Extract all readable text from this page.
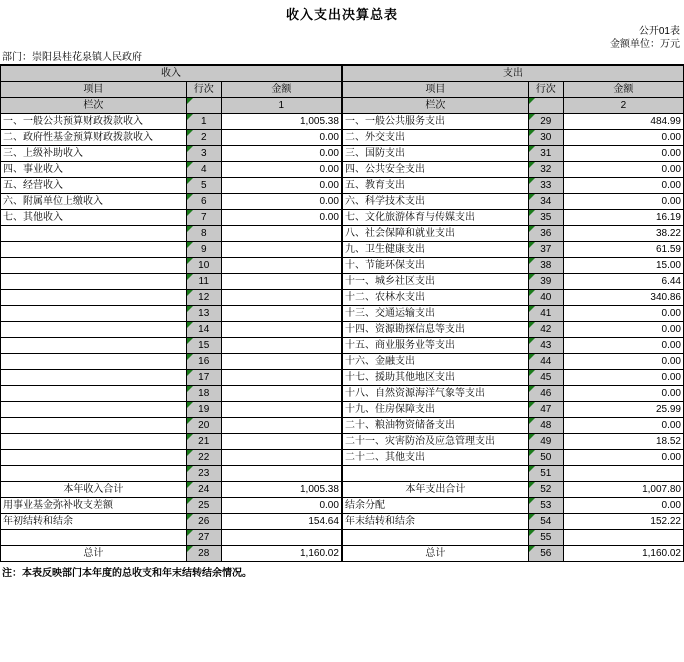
收入支出决算总表
公开01表
金额单位：万元
部门：崇阳县桂花泉镇人民政府
收入			支出		
项目	行次	金额		项目	行次	金额
栏次		1		栏次		2
一、一般公共预算财政拨款收入	1	1,005.38		一、一般公共服务支出	29	484.99
二、政府性基金预算财政拨款收入	2	0.00		二、外交支出	30	0.00
三、上级补助收入	3	0.00		三、国防支出	31	0.00
四、事业收入	4	0.00		四、公共安全支出	32	0.00
五、经营收入	5	0.00		五、教育支出	33	0.00
六、附属单位上缴收入	6	0.00		六、科学技术支出	34	0.00
七、其他收入	7	0.00		七、文化旅游体育与传媒支出	35	16.19
	8			八、社会保障和就业支出	36	38.22
	9			九、卫生健康支出	37	61.59
	10			十、节能环保支出	38	15.00
	11			十一、城乡社区支出	39	6.44
	12			十二、农林水支出	40	340.86
	13			十三、交通运输支出	41	0.00
	14			十四、资源勘探信息等支出	42	0.00
	15			十五、商业服务业等支出	43	0.00
	16			十六、金融支出	44	0.00
	17			十七、援助其他地区支出	45	0.00
	18			十八、自然资源海洋气象等支出	46	0.00
	19			十九、住房保障支出	47	25.99
	20			二十、粮油物资储备支出	48	0.00
	21			二十一、灾害防治及应急管理支出	49	18.52
	22			二十二、其他支出	50	0.00
	23				51	
本年收入合计	24	1,005.38		本年支出合计	52	1,007.80
用事业基金弥补收支差额	25	0.00		结余分配	53	0.00
年初结转和结余	26	154.64		年末结转和结余	54	152.22
	27				55	
总计	28	1,160.02		总计	56	1,160.02
注：本表反映部门本年度的总收支和年末结转结余情况。
